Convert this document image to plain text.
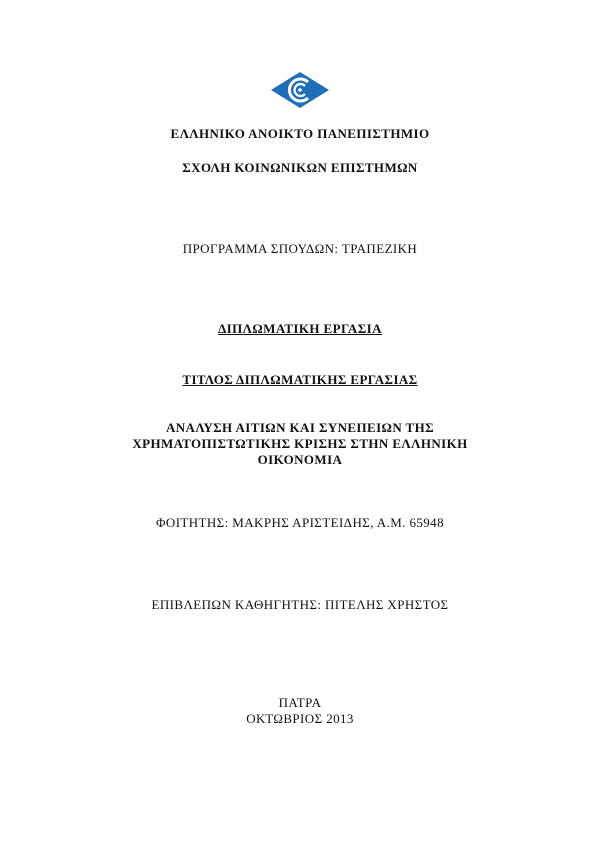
ΕΛΛΗΝΙΚΟ ΑΝΟΙΚΤΟ ΠΑΝΕΠΙΣΤΗΜΙΟ
ΣΧΟΛΗ ΚΟΙΝΩΝΙΚΩΝ ΕΠΙΣΤΗΜΩΝ
ΠΡΟΓΡΑΜΜΑ ΣΠΟΥΔΩΝ: ΤΡΑΠΕΖΙΚΗ
ΔΙΠΛΩΜΑΤΙΚΗ ΕΡΓΑΣΙΑ
ΤΙΤΛΟΣ ΔΙΠΛΩΜΑΤΙΚΗΣ ΕΡΓΑΣΙΑΣ
ΑΝΑΛΥΣΗ ΑΙΤΙΩΝ ΚΑΙ ΣΥΝΕΠΕΙΩΝ ΤΗΣ
ΧΡΗΜΑΤΟΠΙΣΤΩΤΙΚΗΣ ΚΡΙΣΗΣ ΣΤΗΝ ΕΛΛΗΝΙΚΗ
ΟΙΚΟΝΟΜΙΑ
ΦΟΙΤΗΤΗΣ: ΜΑΚΡΗΣ ΑΡΙΣΤΕΙΔΗΣ, Α.Μ. 65948
ΕΠΙΒΛΕΠΩΝ ΚΑΘΗΓΗΤΗΣ: ΠΙΤΕΛΗΣ ΧΡΗΣΤΟΣ
ΠΑΤΡΑ
ΟΚΤΩΒΡΙΟΣ 2013
